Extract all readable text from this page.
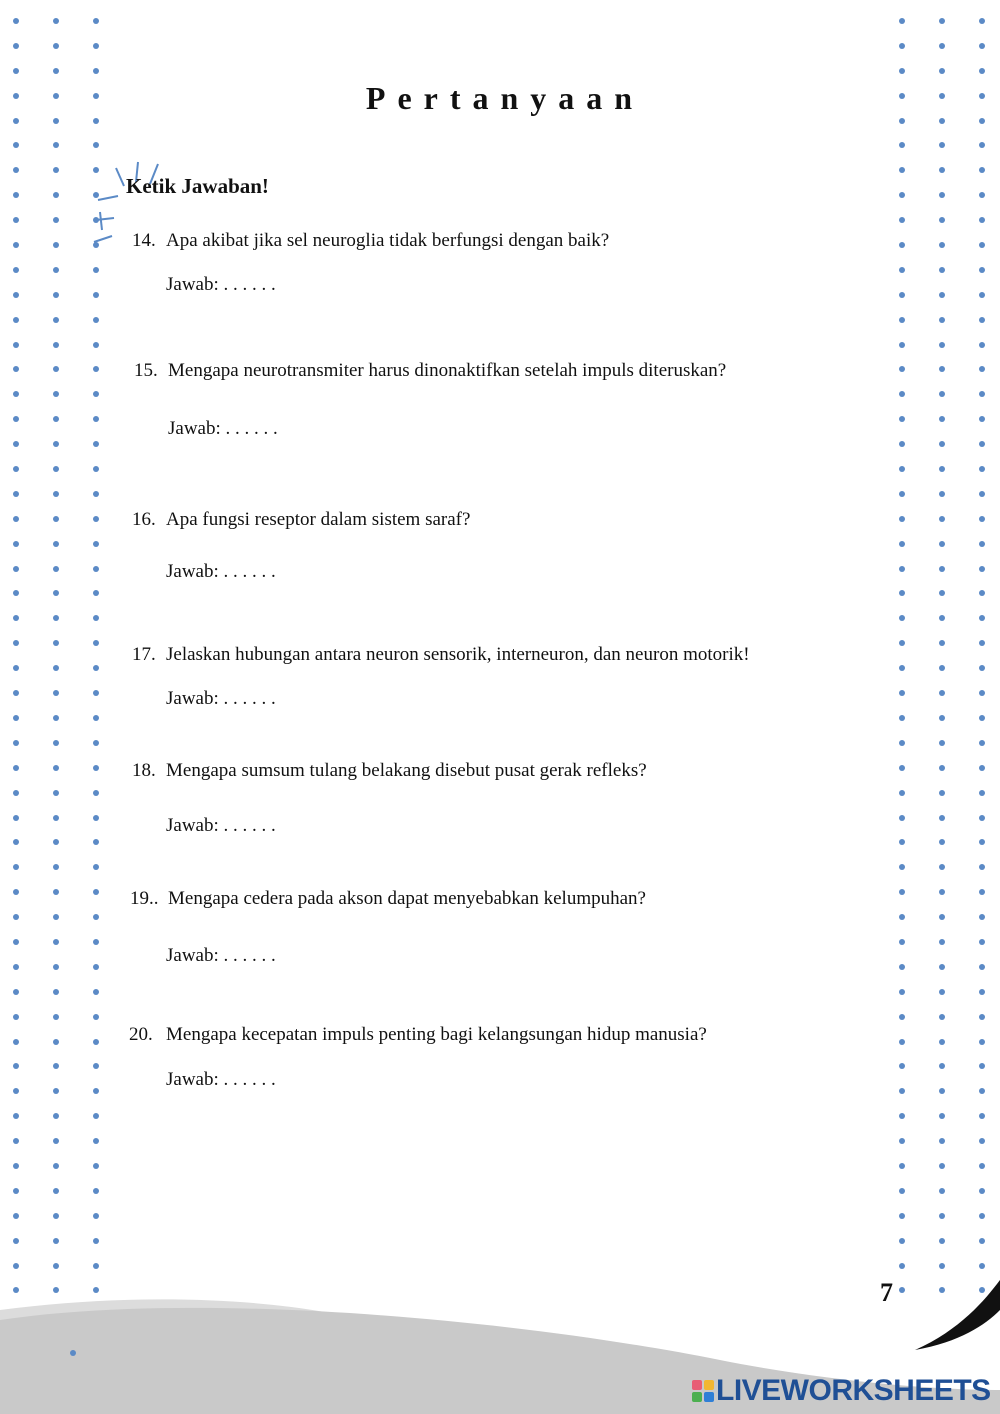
Pertanyaan
Ketik Jawaban!
14. Apa akibat jika sel neuroglia tidak berfungsi dengan baik?
Jawab: . . . . . .
15. Mengapa neurotransmiter harus dinonaktifkan setelah impuls diteruskan?
Jawab: . . . . . .
16. Apa fungsi reseptor dalam sistem saraf?
Jawab: . . . . . .
17. Jelaskan hubungan antara neuron sensorik, interneuron, dan neuron motorik!
Jawab: . . . . . .
18. Mengapa sumsum tulang belakang disebut pusat gerak refleks?
Jawab: . . . . . .
19.. Mengapa cedera pada akson dapat menyebabkan kelumpuhan?
Jawab: . . . . . .
20. Mengapa kecepatan impuls penting bagi kelangsungan hidup manusia?
Jawab: . . . . . .
7
LIVEWORKSHEETS
